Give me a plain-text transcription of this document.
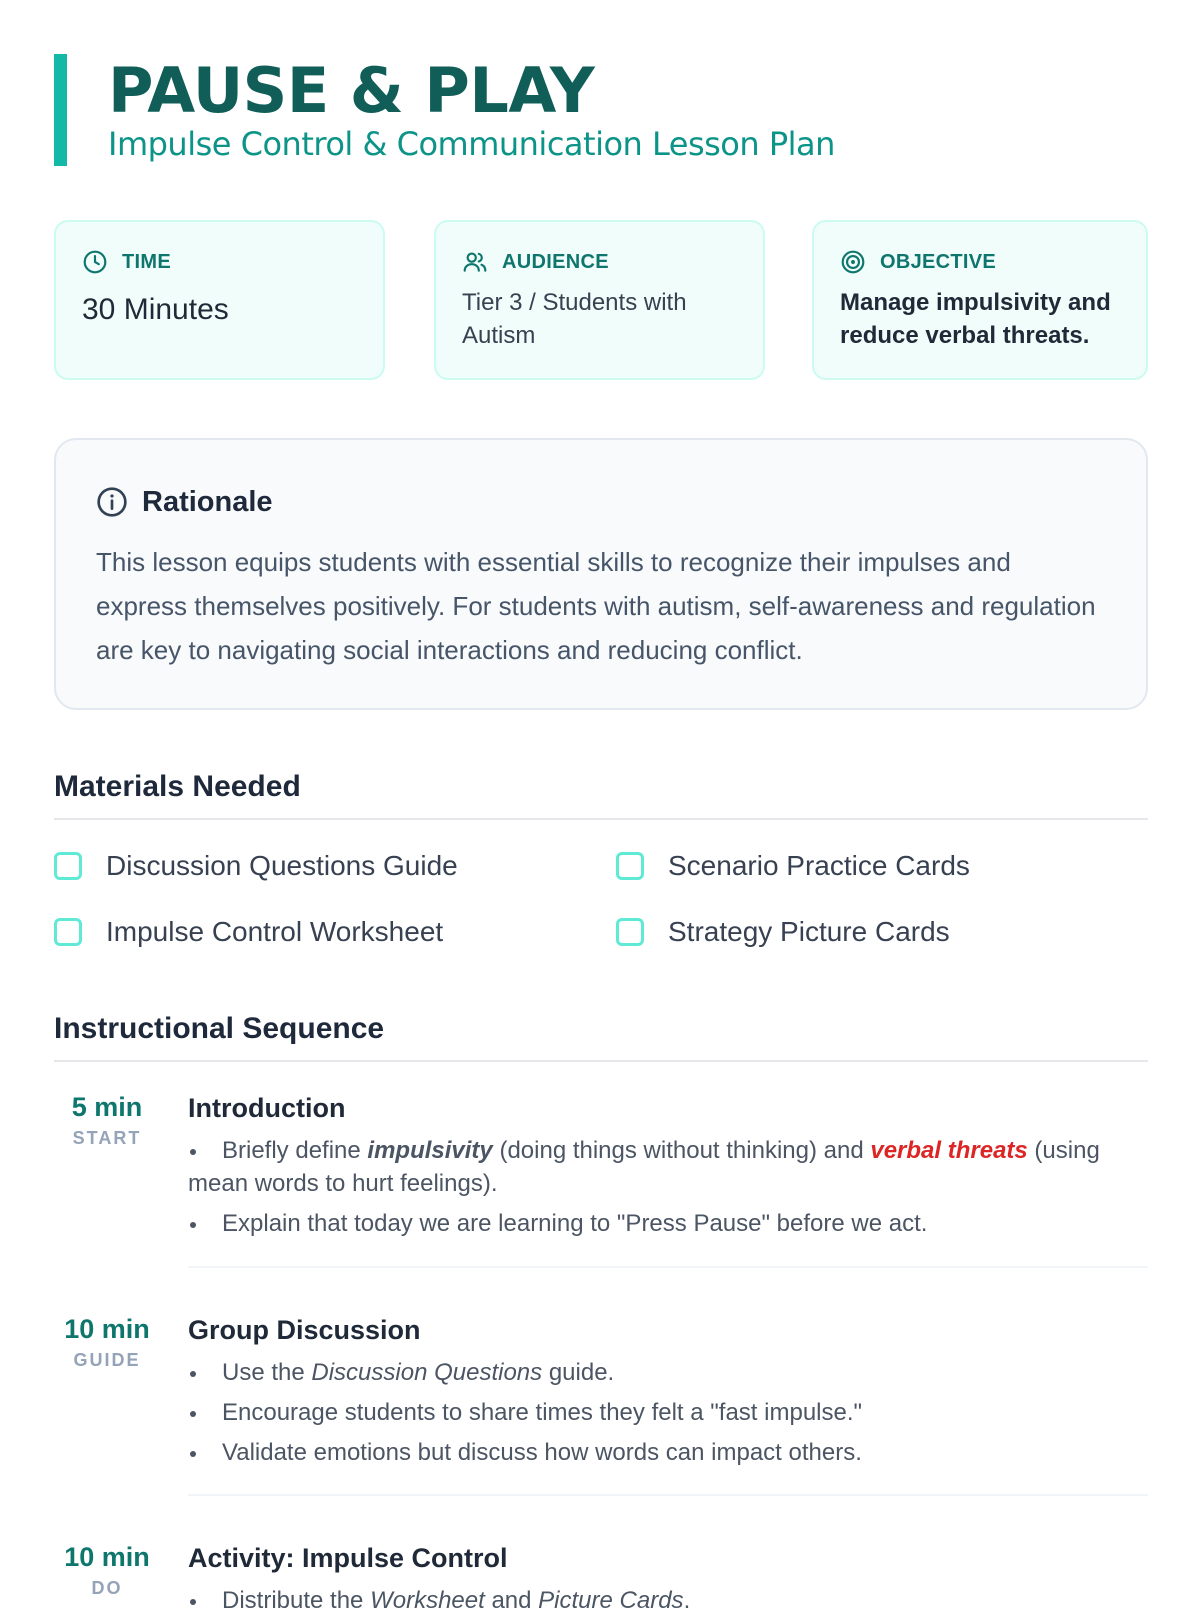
PAUSE & PLAY

Impulse Control & Communication Lesson Plan

TIME
30 Minutes
AUDIENCE
Tier 3 / Students with Autism
OBJECTIVE
Manage impulsivity and reduce verbal threats.
Rationale
This lesson equips students with essential skills to recognize their impulses and express themselves positively. For students with autism, self-awareness and regulation are key to navigating social interactions and reducing conflict.
Materials Needed
Discussion Questions Guide	Scenario Practice Cards
Impulse Control Worksheet	Strategy Picture Cards
Instructional Sequence
5 min
START
Introduction
Briefly define impulsivity (doing things without thinking) and verbal threats (using mean words to hurt feelings).
Explain that today we are learning to "Press Pause" before we act.
10 min
GUIDE
Group Discussion
Use the Discussion Questions guide.
Encourage students to share times they felt a "fast impulse."
Validate emotions but discuss how words can impact others.
10 min
DO
Activity: Impulse Control
Distribute the Worksheet and Picture Cards.
